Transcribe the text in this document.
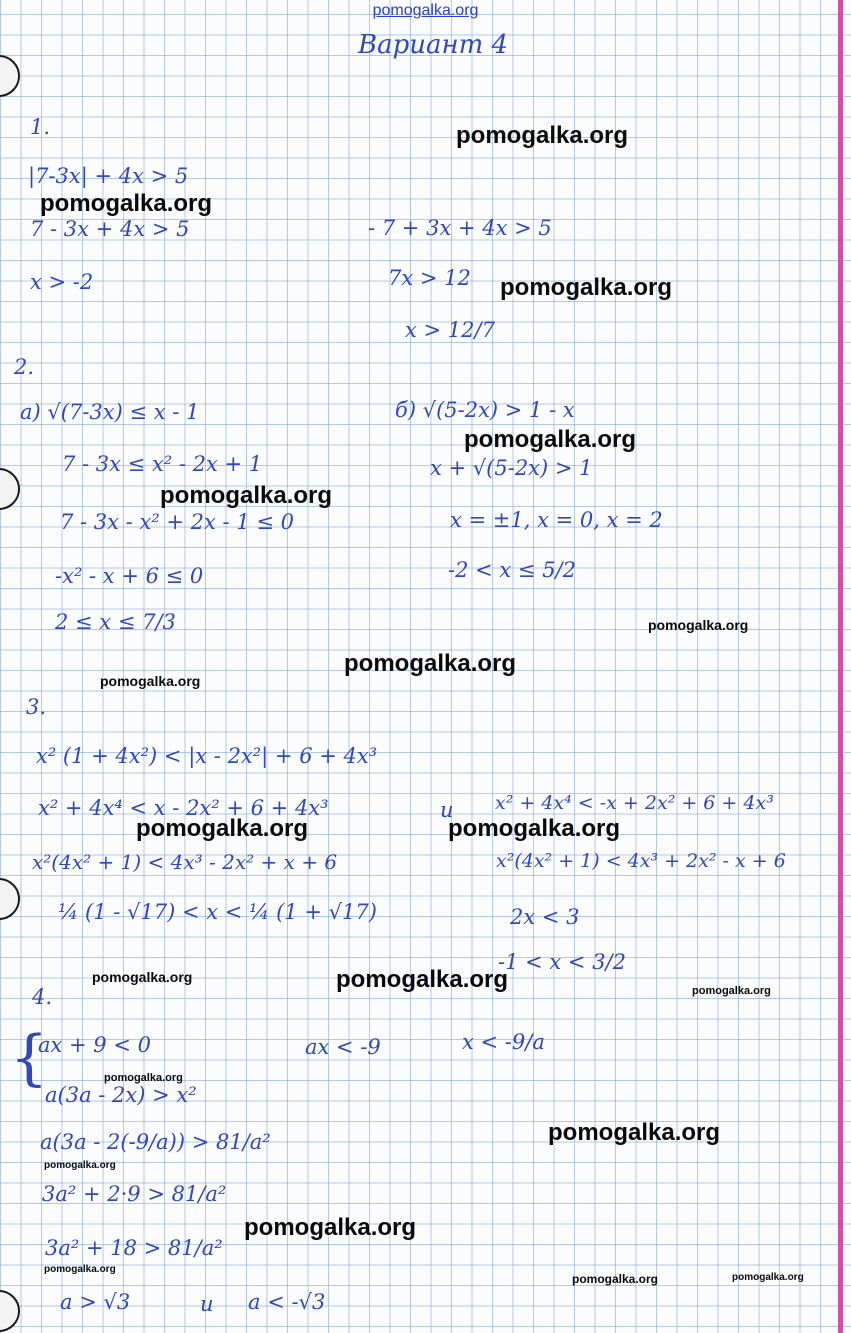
pomogalka.org
Вариант 4
1.
|7-3x| + 4x > 5
7 - 3x + 4x > 5
x > -2
- 7 + 3x + 4x > 5
7x > 12
x > 12/7
2.
a) √(7-3x) ≤ x - 1
7 - 3x ≤ x² - 2x + 1
7 - 3x - x² + 2x - 1 ≤ 0
-x² - x + 6 ≤ 0
2 ≤ x ≤ 7/3
б) √(5-2x) > 1 - x
x + √(5-2x) > 1
x = ±1, x = 0, x = 2
-2 < x ≤ 5/2
3.
x² (1 + 4x²) < |x - 2x²| + 6 + 4x³
x² + 4x⁴ < x - 2x² + 6 + 4x³	и x² + 4x⁴ < -x + 2x² + 6 + 4x³
x²(4x² + 1) < 4x³ - 2x² + x + 6	x²(4x² + 1) < 4x³ + 2x² - x + 6
¼ (1 - √17) < x < ¼ (1 + √17)	2x < 3
-1 < x < 3/2
4.
{
ax + 9 < 0
a(3a - 2x) > x²
ax < -9	x < -9/a
a(3a - 2(-9/a)) > 81/a²
3a² + 2·9 > 81/a²
3a² + 18 > 81/a²
a > √3	и a < -√3
pomogalka.org
pomogalka.org
pomogalka.org
pomogalka.org
pomogalka.org
pomogalka.org
pomogalka.org
pomogalka.org
pomogalka.org	pomogalka.org
pomogalka.org	pomogalka.org	pomogalka.org
pomogalka.org
pomogalka.org
pomogalka.org
pomogalka.org
pomogalka.org
pomogalka.org	pomogalka.org
